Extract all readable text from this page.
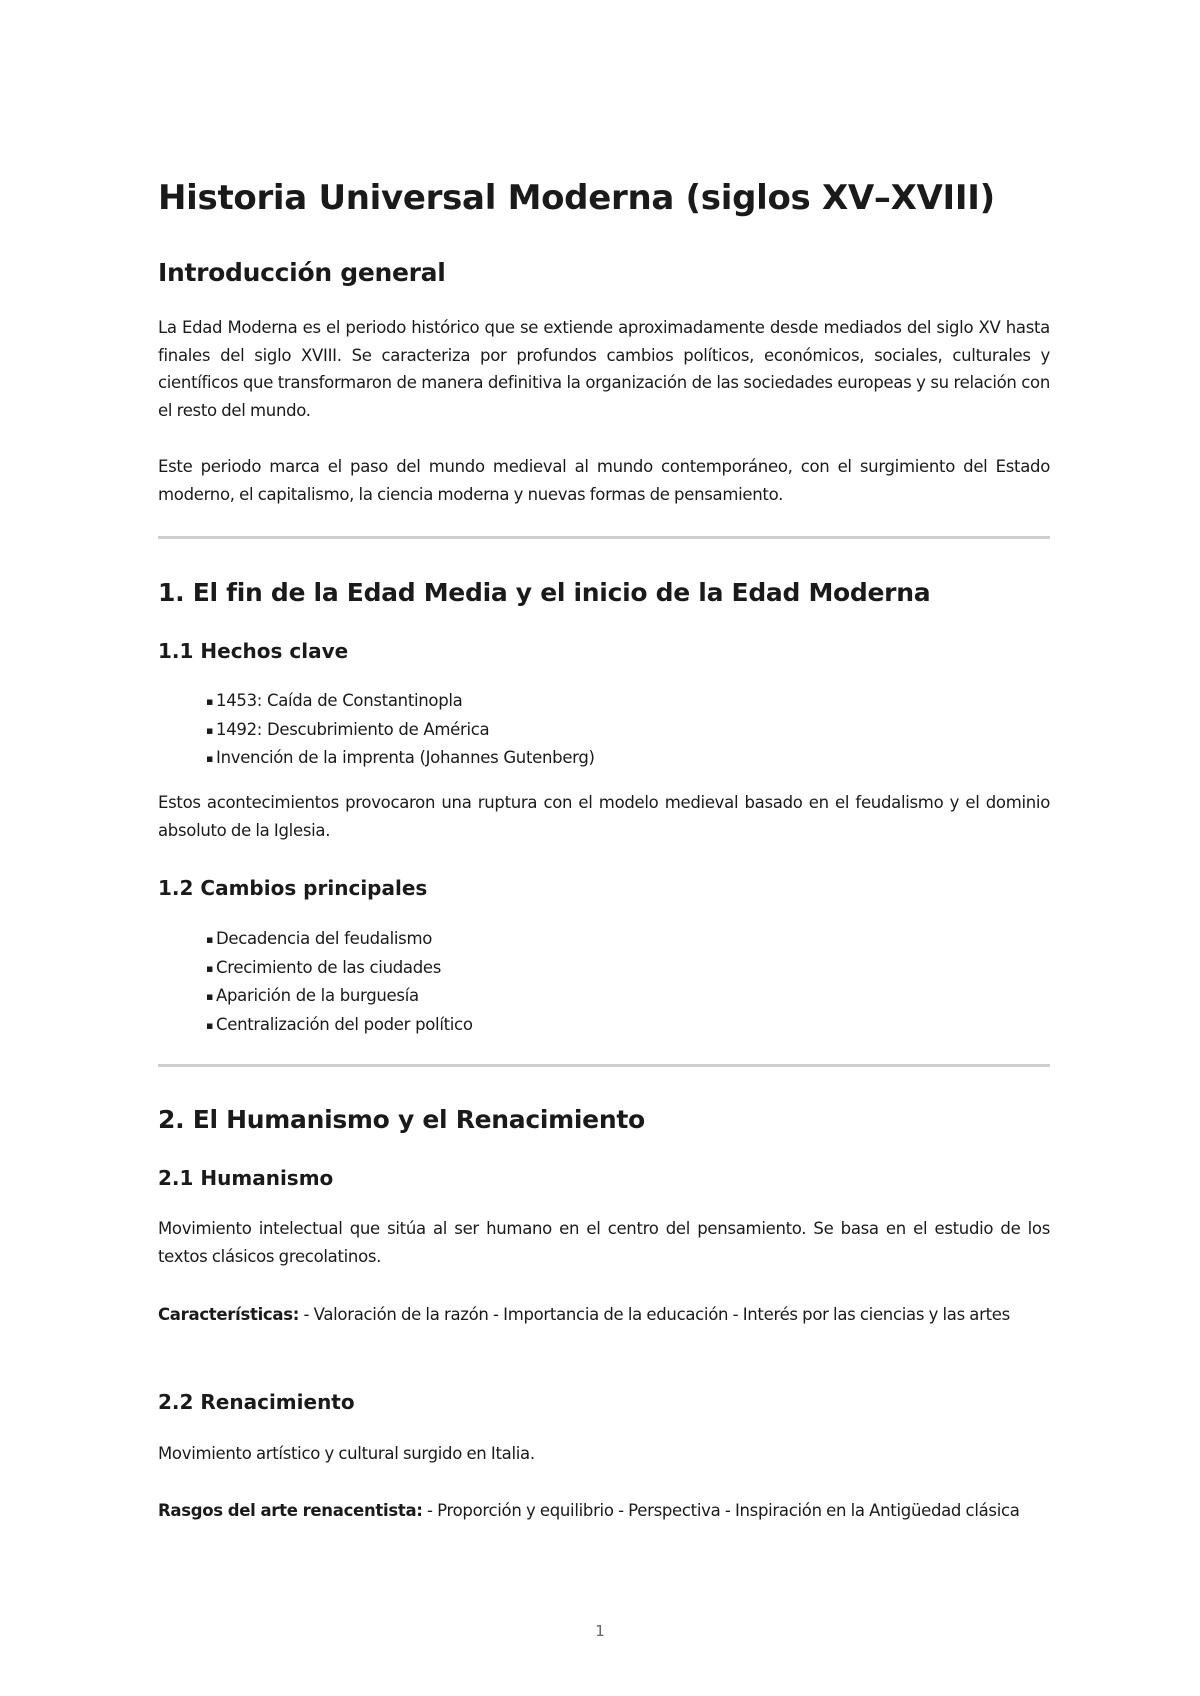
Historia Universal Moderna (siglos XV–XVIII)
Introducción general

La Edad Moderna es el periodo histórico que se extiende aproximadamente desde mediados del siglo XV hasta finales del siglo XVIII. Se caracteriza por profundos cambios políticos, económicos, sociales, culturales y científicos que transformaron de manera definitiva la organización de las sociedades europeas y su relación con el resto del mundo.

Este periodo marca el paso del mundo medieval al mundo contemporáneo, con el surgimiento del Estado moderno, el capitalismo, la ciencia moderna y nuevas formas de pensamiento.

1. El fin de la Edad Media y el inicio de la Edad Moderna
1.1 Hechos clave
▪ 1453: Caída de Constantinopla
▪ 1492: Descubrimiento de América
▪ Invención de la imprenta (Johannes Gutenberg)

Estos acontecimientos provocaron una ruptura con el modelo medieval basado en el feudalismo y el dominio absoluto de la Iglesia.

1.2 Cambios principales
▪ Decadencia del feudalismo
▪ Crecimiento de las ciudades
▪ Aparición de la burguesía
▪ Centralización del poder político
2. El Humanismo y el Renacimiento
2.1 Humanismo

Movimiento intelectual que sitúa al ser humano en el centro del pensamiento. Se basa en el estudio de los textos clásicos grecolatinos.

Características: - Valoración de la razón - Importancia de la educación - Interés por las ciencias y las artes

2.2 Renacimiento

Movimiento artístico y cultural surgido en Italia.

Rasgos del arte renacentista: - Proporción y equilibrio - Perspectiva - Inspiración en la Antigüedad clásica

1
